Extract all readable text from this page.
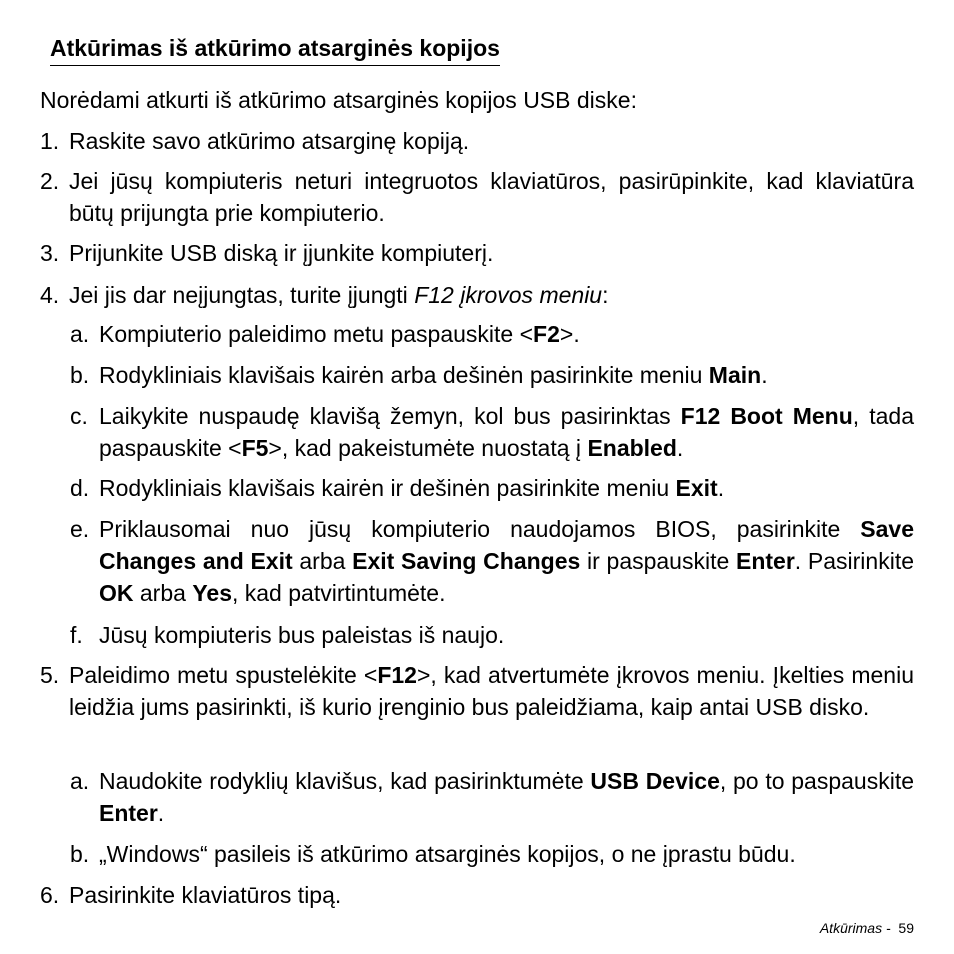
Atkūrimas iš atkūrimo atsarginės kopijos
Norėdami atkurti iš atkūrimo atsarginės kopijos USB diske:
1. Raskite savo atkūrimo atsarginę kopiją.
2. Jei jūsų kompiuteris neturi integruotos klaviatūros, pasirūpinkite, kad klaviatūra būtų prijungta prie kompiuterio.
3. Prijunkite USB diską ir įjunkite kompiuterį.
4. Jei jis dar neįjungtas, turite įjungti F12 įkrovos meniu:
a. Kompiuterio paleidimo metu paspauskite <F2>.
b. Rodykliniais klavišais kairėn arba dešinėn pasirinkite meniu Main.
c. Laikykite nuspaudę klavišą žemyn, kol bus pasirinktas F12 Boot Menu, tada paspauskite <F5>, kad pakeistumėte nuostatą į Enabled.
d. Rodykliniais klavišais kairėn ir dešinėn pasirinkite meniu Exit.
e. Priklausomai nuo jūsų kompiuterio naudojamos BIOS, pasirinkite Save Changes and Exit arba Exit Saving Changes ir paspauskite Enter. Pasirinkite OK arba Yes, kad patvirtintumėte.
f. Jūsų kompiuteris bus paleistas iš naujo.
5. Paleidimo metu spustelėkite <F12>, kad atvertumėte įkrovos meniu. Įkelties meniu leidžia jums pasirinkti, iš kurio įrenginio bus paleidžiama, kaip antai USB disko.
a. Naudokite rodyklių klavišus, kad pasirinktumėte USB Device, po to paspauskite Enter.
b. „Windows“ pasileis iš atkūrimo atsarginės kopijos, o ne įprastu būdu.
6. Pasirinkite klaviatūros tipą.
Atkūrimas - 59
